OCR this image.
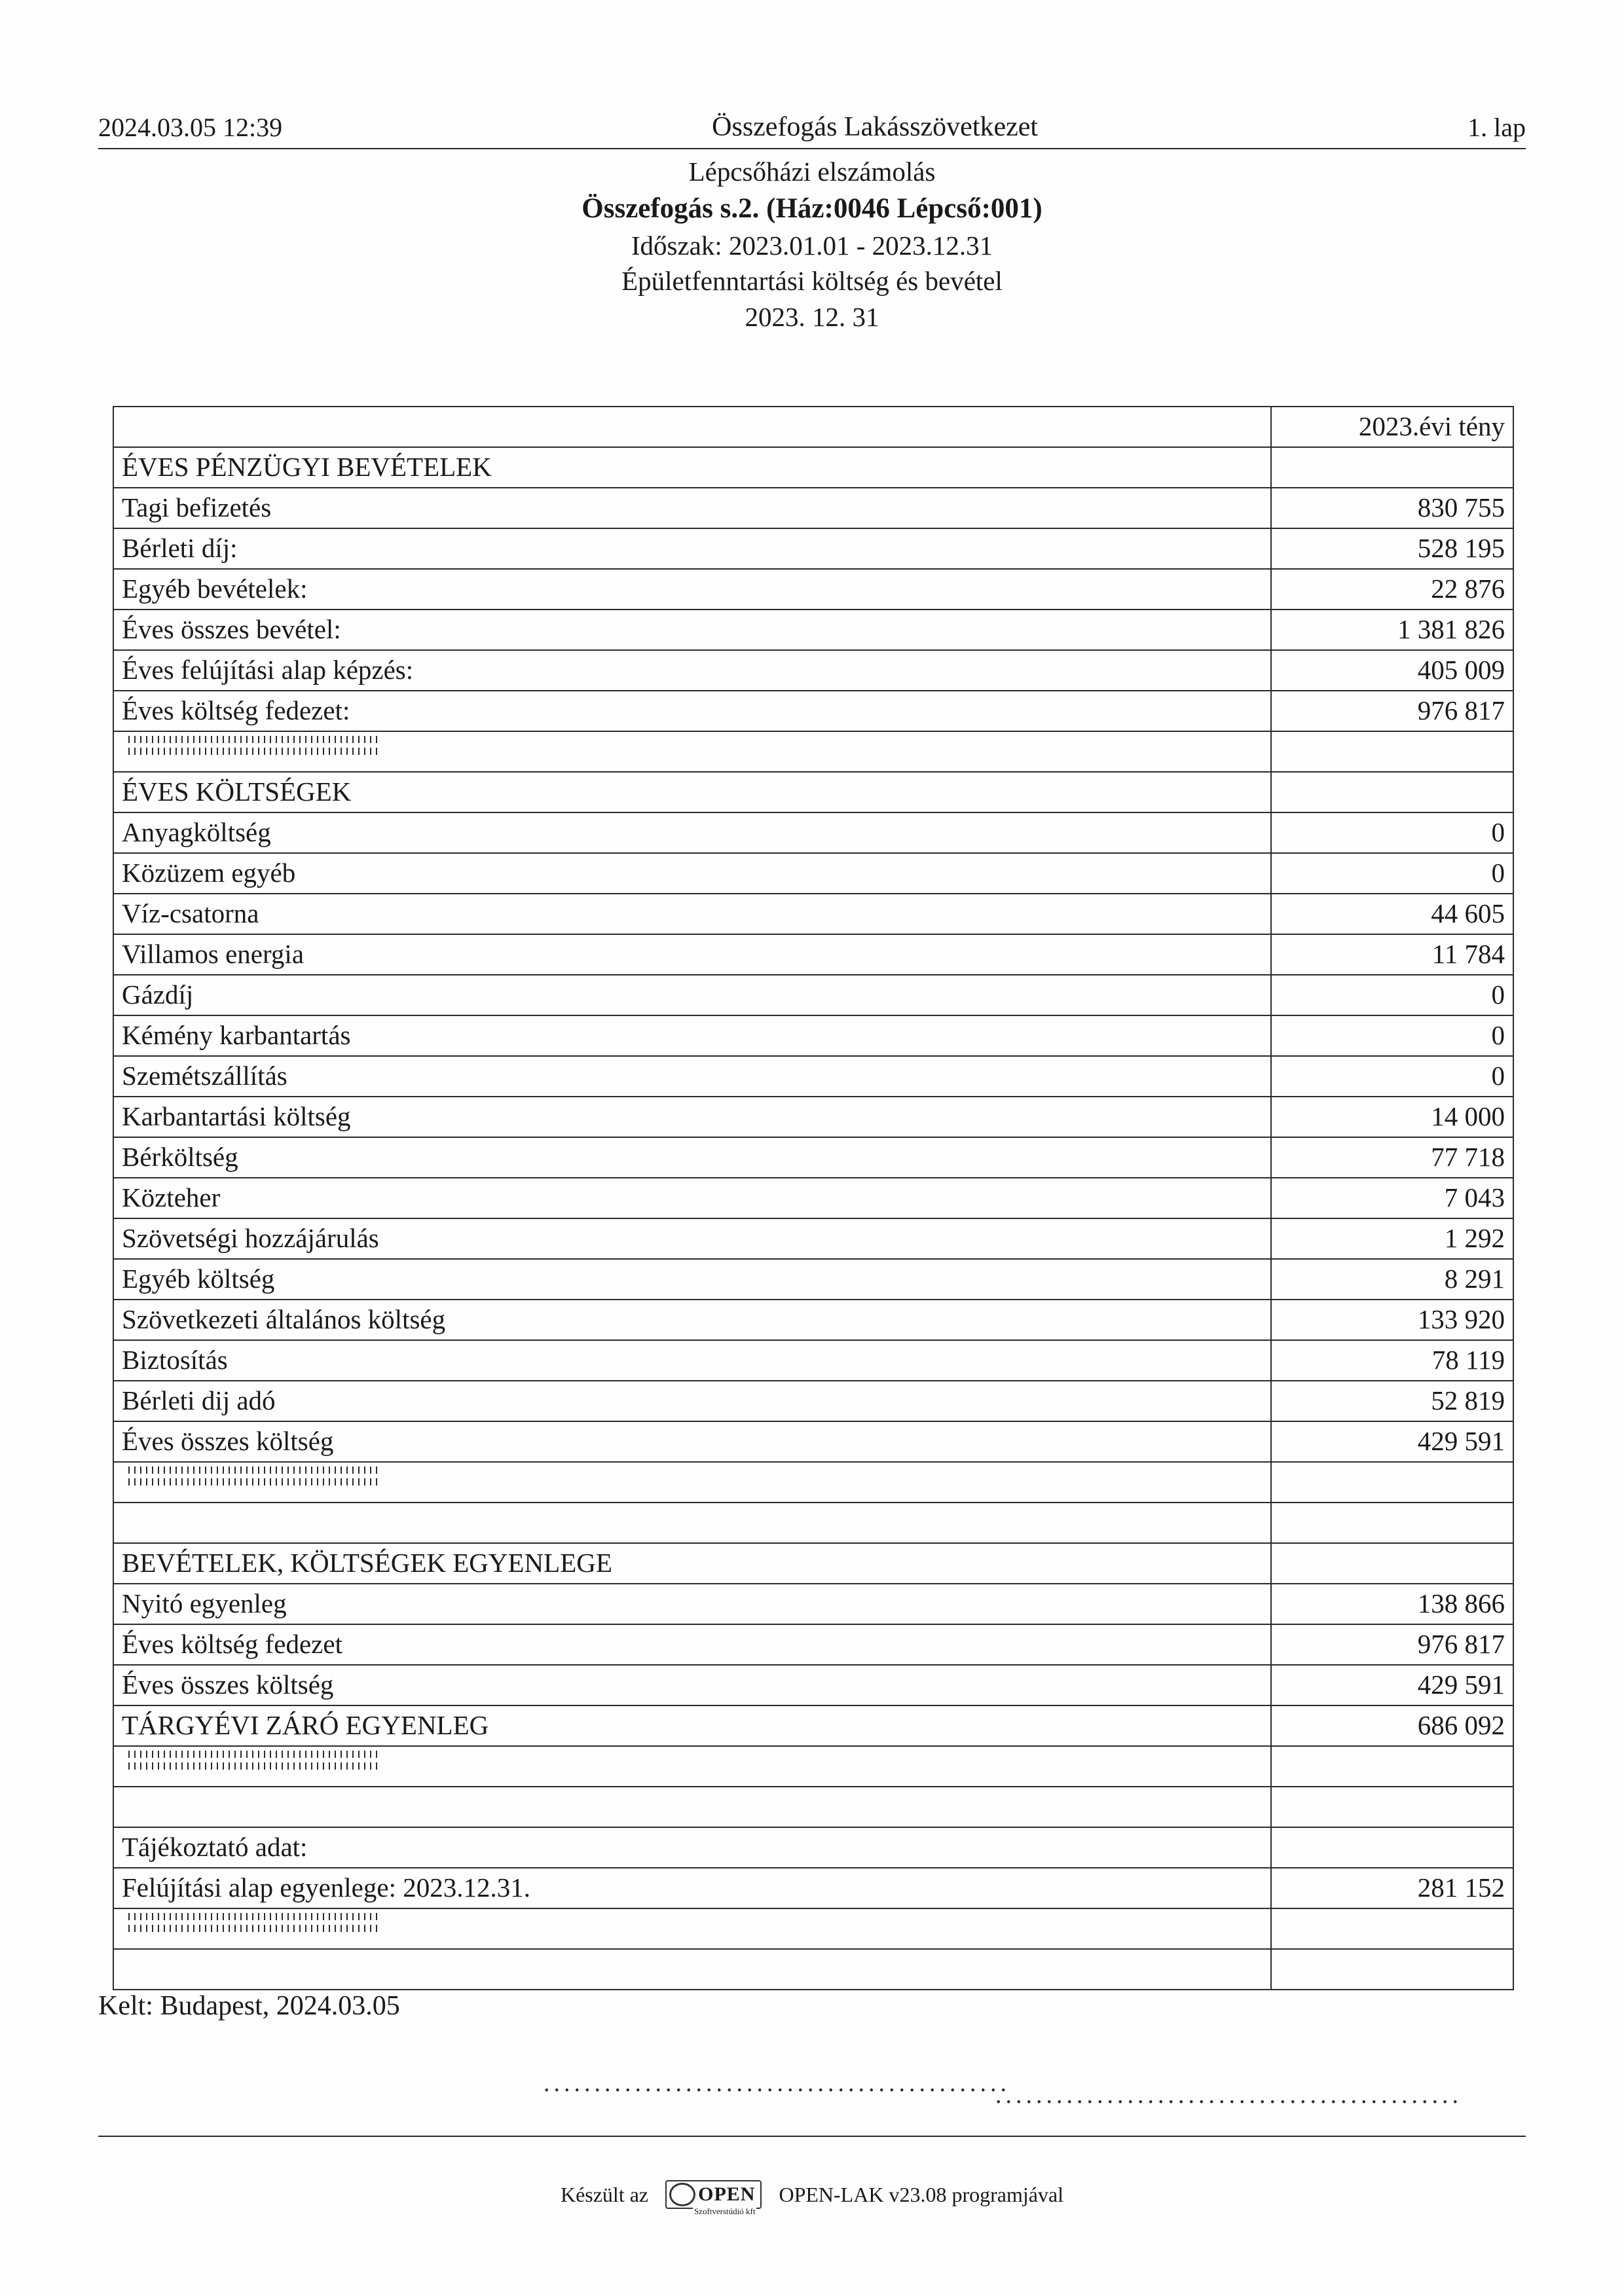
2024.03.05 12:39	Összefogás Lakásszövetkezet	1. lap
Lépcsőházi elszámolás
Összefogás s.2. (Ház:0046 Lépcső:001)
Időszak: 2023.01.01 - 2023.12.31
Épületfenntartási költség és bevétel
2023. 12. 31
	2023.évi tény
ÉVES PÉNZÜGYI BEVÉTELEK	
Tagi befizetés	830 755
Bérleti díj:	528 195
Egyéb bevételek:	22 876
Éves összes bevétel:	1 381 826
Éves felújítási alap képzés:	405 009
Éves költség fedezet:	976 817

ÉVES KÖLTSÉGEK	
Anyagköltség	0
Közüzem egyéb	0
Víz-csatorna	44 605
Villamos energia	11 784
Gázdíj	0
Kémény karbantartás	0
Szemétszállítás	0
Karbantartási költség	14 000
Bérköltség	77 718
Közteher	7 043
Szövetségi hozzájárulás	1 292
Egyéb költség	8 291
Szövetkezeti általános költség	133 920
Biztosítás	78 119
Bérleti dij adó	52 819
Éves összes költség	429 591

BEVÉTELEK, KÖLTSÉGEK EGYENLEGE	
Nyitó egyenleg	138 866
Éves költség fedezet	976 817
Éves összes költség	429 591
TÁRGYÉVI ZÁRÓ EGYENLEG	686 092

Tájékoztató adat:	
Felújítási alap egyenlege: 2023.12.31.	281 152

Kelt: Budapest, 2024.03.05
..............................................
..............................................
Készült az	OPEN
Szoftverstúdió kft
OPEN-LAK v23.08 programjával
